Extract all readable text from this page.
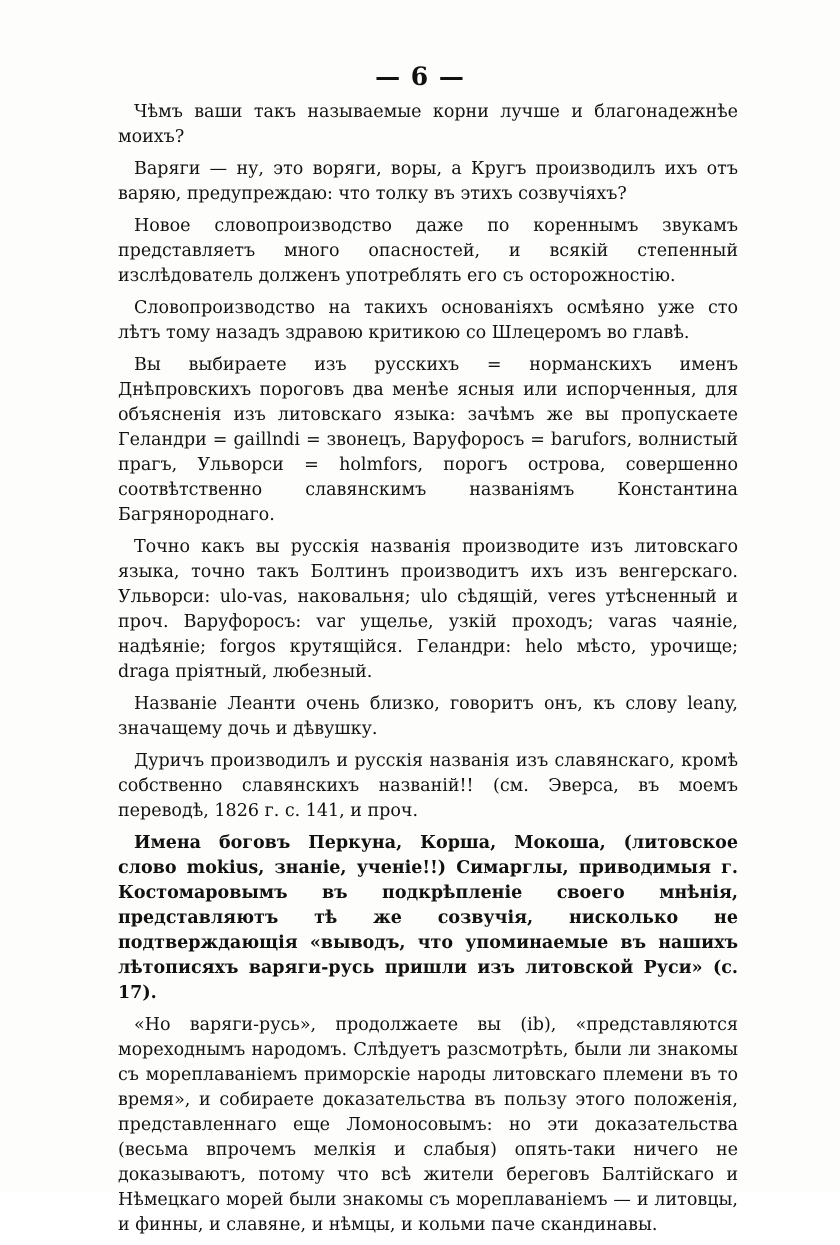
— 6 —

Чѣмъ ваши такъ называемые корни лучше и благонадежнѣе моихъ?

Варяги — ну, это воряги, воры, а Кругъ производилъ ихъ отъ варяю, предупреждаю: что толку въ этихъ созвучіяхъ?

Новое словопроизводство даже по кореннымъ звукамъ представляетъ много опасностей, и всякій степенный изслѣдователь долженъ употреблять его съ осторожностію.

Словопроизводство на такихъ основаніяхъ осмѣяно уже сто лѣтъ тому назадъ здравою критикою со Шлецеромъ во главѣ.

Вы выбираете изъ русскихъ = норманскихъ именъ Днѣпровскихъ пороговъ два менѣе ясныя или испорченныя, для объясненія изъ литовскаго языка: зачѣмъ же вы пропускаете Геландри = gaillndi = звонецъ, Варуфоросъ = barufors, волнистый прагъ, Ульворси = holmfors, порогъ острова, совершенно соотвѣтственно славянскимъ названіямъ Константина Багрянороднаго.

Точно какъ вы русскія названія производите изъ литовскаго языка, точно такъ Болтинъ производитъ ихъ изъ венгерскаго. Ульворси: ulo-vas, наковальня; ulo сѣдящій, veres утѣсненный и проч. Варуфоросъ: var ущелье, узкій проходъ; varas чаяніе, надѣяніе; forgos крутящійся. Геландри: helo мѣсто, урочище; draga пріятный, любезный.

Названіе Леанти очень близко, говоритъ онъ, къ слову leany, значащему дочь и дѣвушку.

Дуричъ производилъ и русскія названія изъ славянскаго, кромѣ собственно славянскихъ названій!! (см. Эверса, въ моемъ переводѣ, 1826 г. с. 141, и проч.

Имена боговъ Перкуна, Корша, Мокоша, (литовское слово mokius, знаніе, ученіе!!) Симарглы, приводимыя г. Костомаровымъ въ подкрѣпленіе своего мнѣнія, представляютъ тѣ же созвучія, нисколько не подтверждающія «выводъ, что упоминаемые въ нашихъ лѣтописяхъ варяги-русь пришли изъ литовской Руси» (с. 17).

«Но варяги-русь», продолжаете вы (ib), «представляются мореходнымъ народомъ. Слѣдуетъ разсмотрѣть, были ли знакомы съ мореплаваніемъ приморскіе народы литовскаго племени въ то время», и собираете доказательства въ пользу этого положенія, представленнаго еще Ломоносовымъ: но эти доказательства (весьма впрочемъ мелкія и слабыя) опять-таки ничего не доказываютъ, потому что всѣ жители береговъ Балтійскаго и Нѣмецкаго морей были знакомы съ мореплаваніемъ — и литовцы, и финны, и славяне, и нѣмцы, и кольми паче скандинавы.
